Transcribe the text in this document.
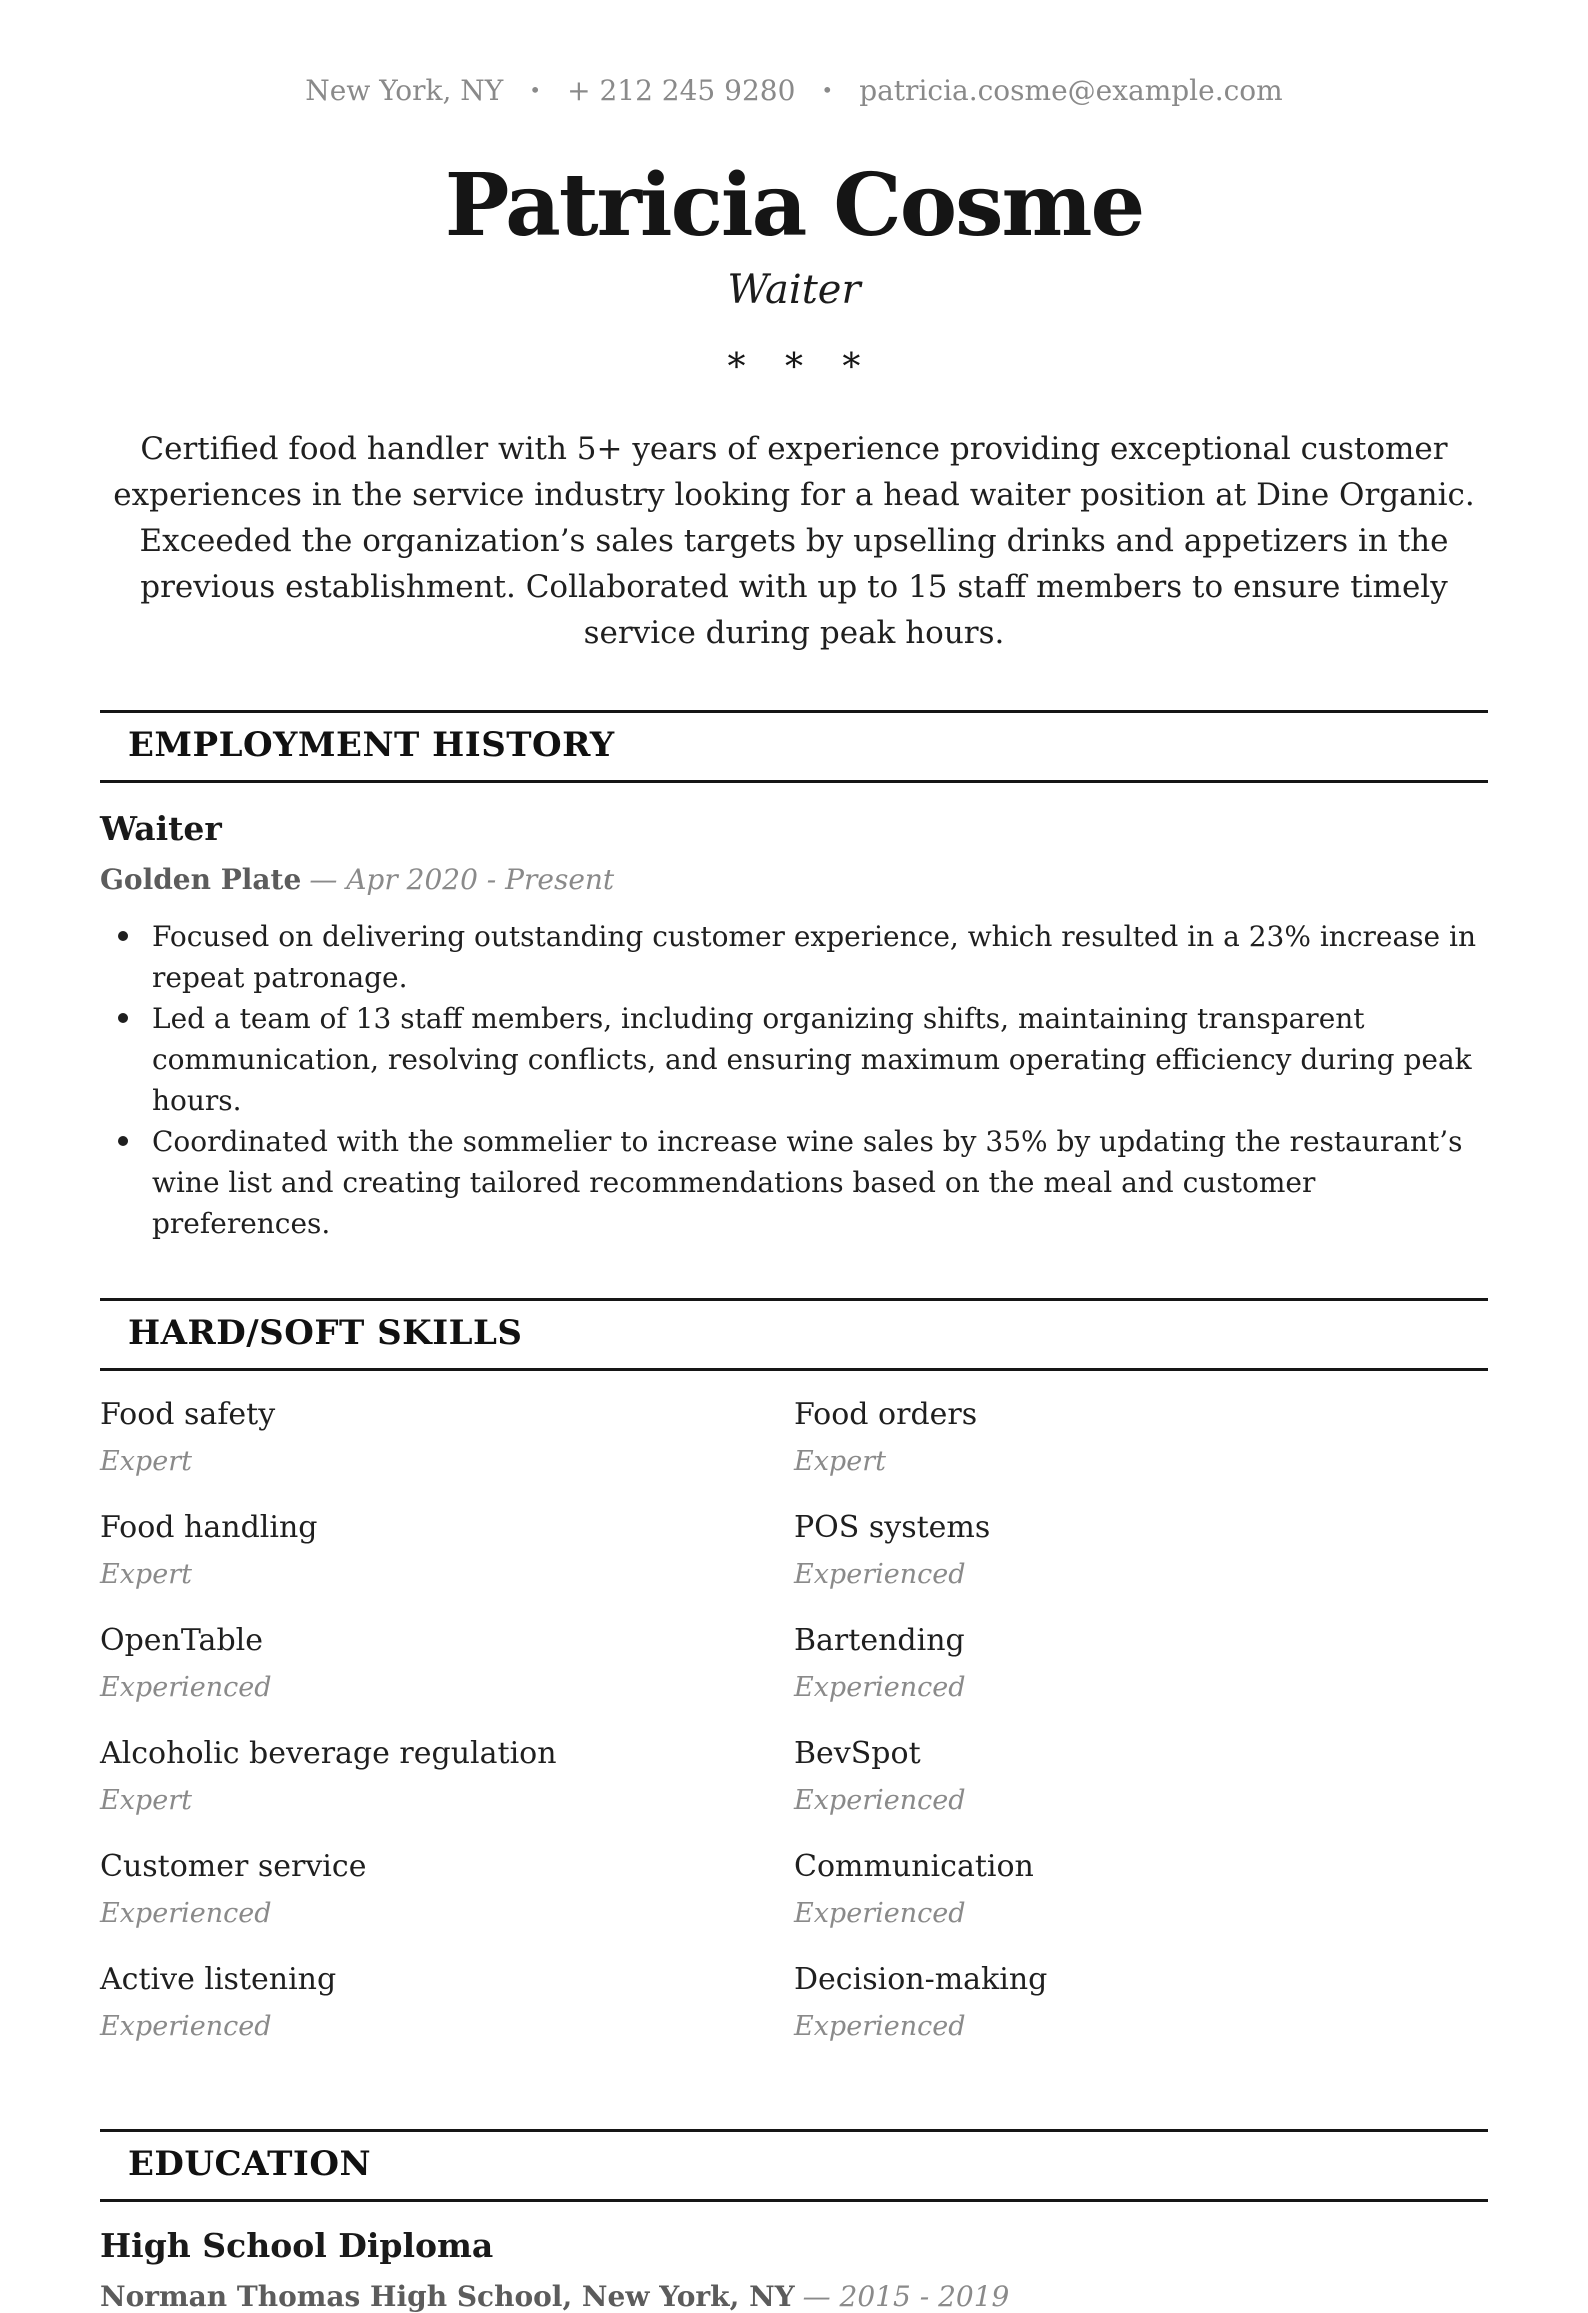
New York, NY • + 212 245 9280 • patricia.cosme@example.com
Patricia Cosme
Waiter
* * *
Certified food handler with 5+ years of experience providing exceptional customer
experiences in the service industry looking for a head waiter position at Dine Organic.
Exceeded the organization’s sales targets by upselling drinks and appetizers in the
previous establishment. Collaborated with up to 15 staff members to ensure timely
service during peak hours.
EMPLOYMENT HISTORY
Waiter
Golden Plate — Apr 2020 - Present
Focused on delivering outstanding customer experience, which resulted in a 23% increase in repeat patronage.
Led a team of 13 staff members, including organizing shifts, maintaining transparent communication, resolving conflicts, and ensuring maximum operating efficiency during peak hours.
Coordinated with the sommelier to increase wine sales by 35% by updating the restaurant’s wine list and creating tailored recommendations based on the meal and customer preferences.
HARD/SOFT SKILLS
Food safety
Expert
Food handling
Expert
OpenTable
Experienced
Alcoholic beverage regulation
Expert
Customer service
Experienced
Active listening
Experienced
Food orders
Expert
POS systems
Experienced
Bartending
Experienced
BevSpot
Experienced
Communication
Experienced
Decision-making
Experienced
EDUCATION
High School Diploma
Norman Thomas High School, New York, NY — 2015 - 2019
